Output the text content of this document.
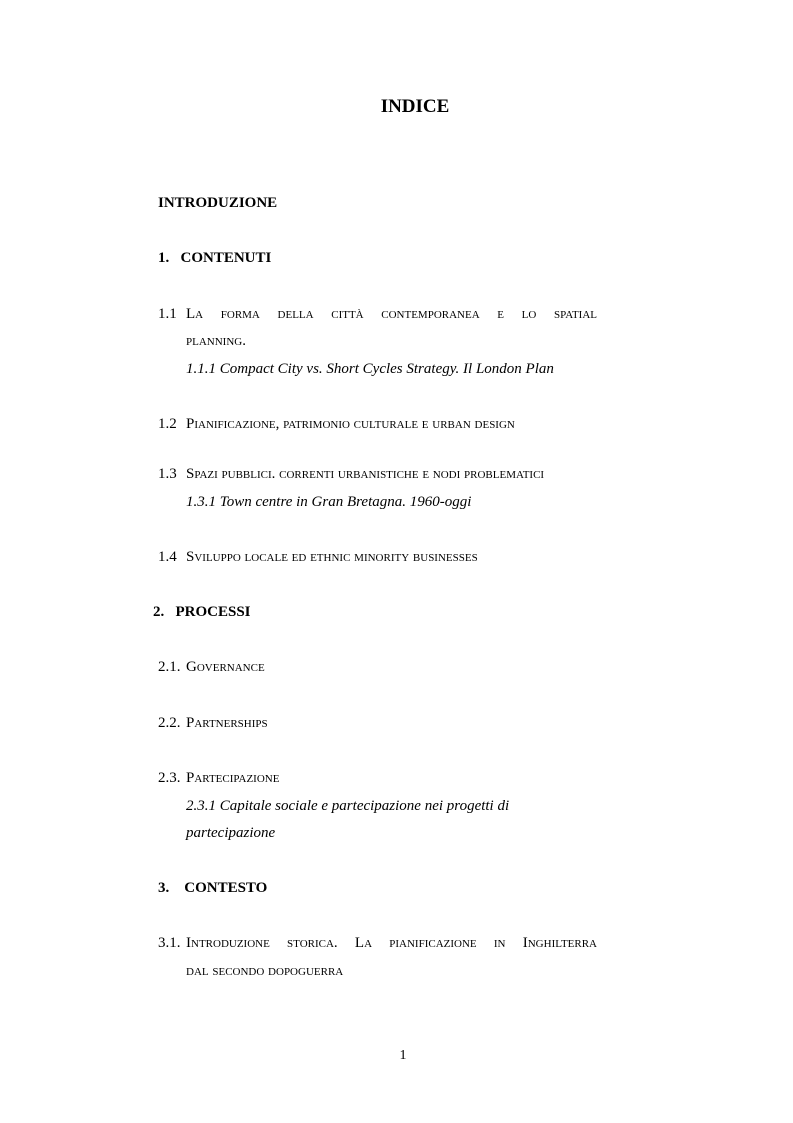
INDICE
INTRODUZIONE
1. CONTENUTI
1.1 La forma della città contemporanea e lo spatial
planning.
1.1.1 Compact City vs. Short Cycles Strategy. Il London Plan
1.2 Pianificazione, patrimonio culturale e urban design
1.3 Spazi pubblici. correnti urbanistiche e nodi problematici
1.3.1 Town centre in Gran Bretagna. 1960-oggi
1.4 Sviluppo locale ed ethnic minority businesses
2. PROCESSI
2.1. Governance
2.2. Partnerships
2.3. Partecipazione
2.3.1 Capitale sociale e partecipazione nei progetti di
partecipazione
3. CONTESTO
3.1. Introduzione storica. La pianificazione in Inghilterra
dal secondo dopoguerra
1
